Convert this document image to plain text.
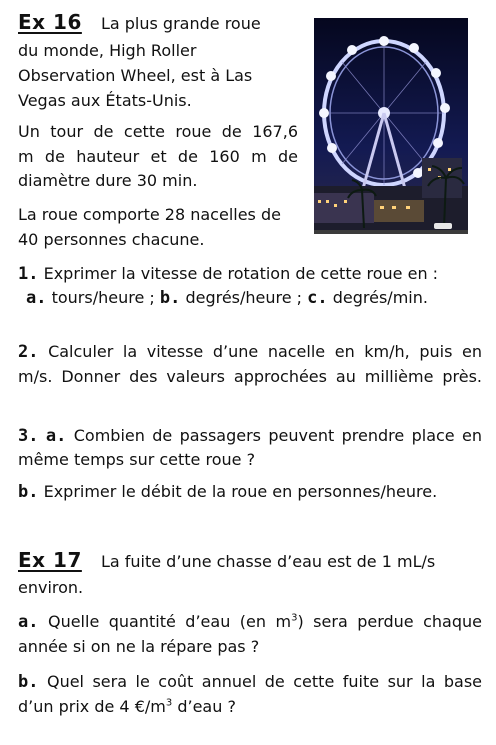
Ex 16 La plus grande roue
du monde, High Roller
Observation Wheel, est à Las
Vegas aux États-Unis.
Un tour de cette roue de 167,6
m de hauteur et de 160 m de
diamètre dure 30 min.
La roue comporte 28 nacelles de
40 personnes chacune.
1. Exprimer la vitesse de rotation de cette roue en :
a. tours/heure ; b. degrés/heure ; c. degrés/min.
2. Calculer la vitesse d’une nacelle en km/h, puis en
m/s. Donner des valeurs approchées au millième près.
3. a. Combien de passagers peuvent prendre place en
même temps sur cette roue ?
b. Exprimer le débit de la roue en personnes/heure.
Ex 17 La fuite d’une chasse d’eau est de 1 mL/s
environ.
a. Quelle quantité d’eau (en $m^3$) sera perdue chaque
année si on ne la répare pas ?
b. Quel sera le coût annuel de cette fuite sur la base
d’un prix de 4 $€/m^3$ d’eau ?
